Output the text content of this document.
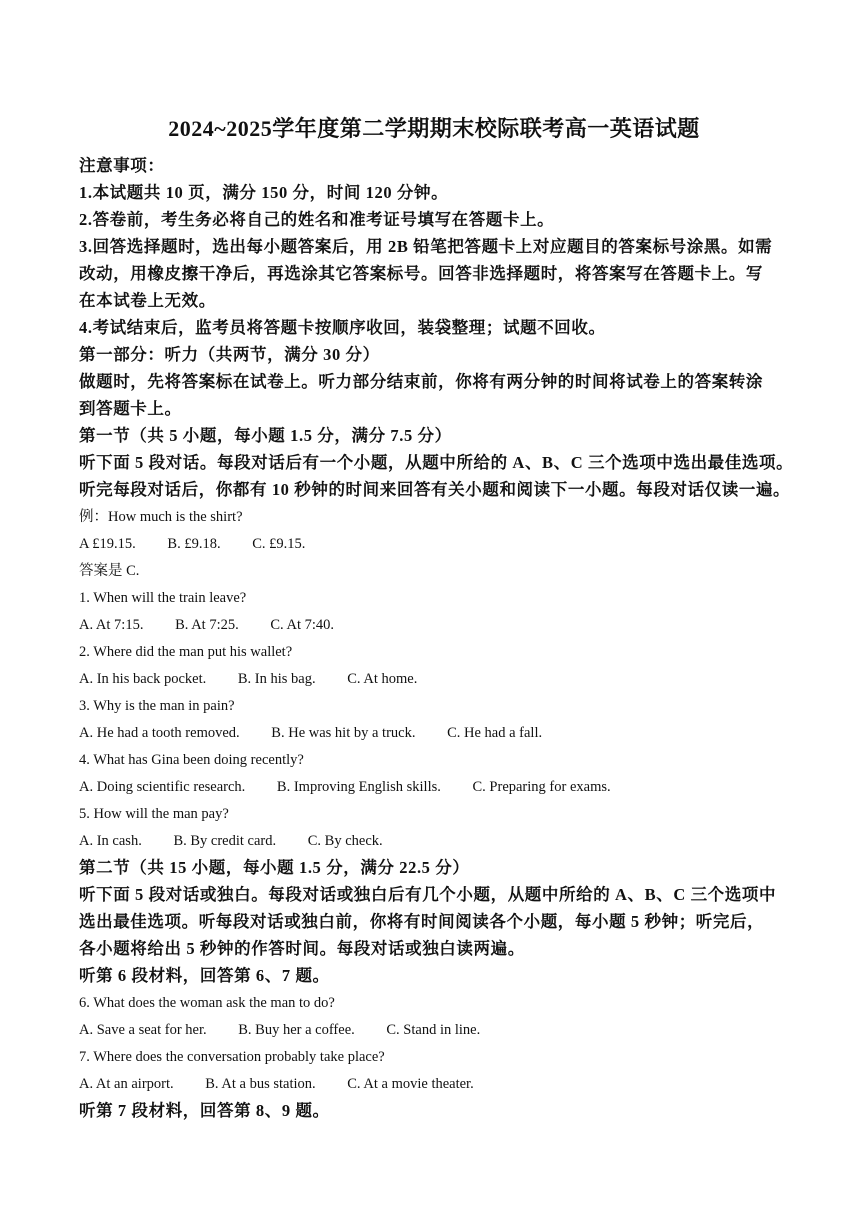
2024~2025学年度第二学期期末校际联考高一英语试题
注意事项：
1.本试题共 10 页，满分 150 分，时间 120 分钟。
2.答卷前，考生务必将自己的姓名和准考证号填写在答题卡上。
3.回答选择题时，选出每小题答案后，用 2B 铅笔把答题卡上对应题目的答案标号涂黑。如需
改动，用橡皮擦干净后，再选涂其它答案标号。回答非选择题时，将答案写在答题卡上。写
在本试卷上无效。
4.考试结束后，监考员将答题卡按顺序收回，装袋整理；试题不回收。
第一部分：听力（共两节，满分 30 分）
做题时，先将答案标在试卷上。听力部分结束前，你将有两分钟的时间将试卷上的答案转涂
到答题卡上。
第一节（共 5 小题，每小题 1.5 分，满分 7.5 分）
听下面 5 段对话。每段对话后有一个小题，从题中所给的 A、B、C 三个选项中选出最佳选项。
听完每段对话后，你都有 10 秒钟的时间来回答有关小题和阅读下一小题。每段对话仅读一遍。
例：How much is the shirt?
A £19.15. B. £9.18. C. £9.15.
答案是 C.
1. When will the train leave?
A. At 7:15. B. At 7:25. C. At 7:40.
2. Where did the man put his wallet?
A. In his back pocket. B. In his bag. C. At home.
3. Why is the man in pain?
A. He had a tooth removed. B. He was hit by a truck. C. He had a fall.
4. What has Gina been doing recently?
A. Doing scientific research. B. Improving English skills. C. Preparing for exams.
5. How will the man pay?
A. In cash. B. By credit card. C. By check.
第二节（共 15 小题，每小题 1.5 分，满分 22.5 分）
听下面 5 段对话或独白。每段对话或独白后有几个小题，从题中所给的 A、B、C 三个选项中
选出最佳选项。听每段对话或独白前，你将有时间阅读各个小题，每小题 5 秒钟；听完后，
各小题将给出 5 秒钟的作答时间。每段对话或独白读两遍。
听第 6 段材料，回答第 6、7 题。
6. What does the woman ask the man to do?
A. Save a seat for her. B. Buy her a coffee. C. Stand in line.
7. Where does the conversation probably take place?
A. At an airport. B. At a bus station. C. At a movie theater.
听第 7 段材料，回答第 8、9 题。
